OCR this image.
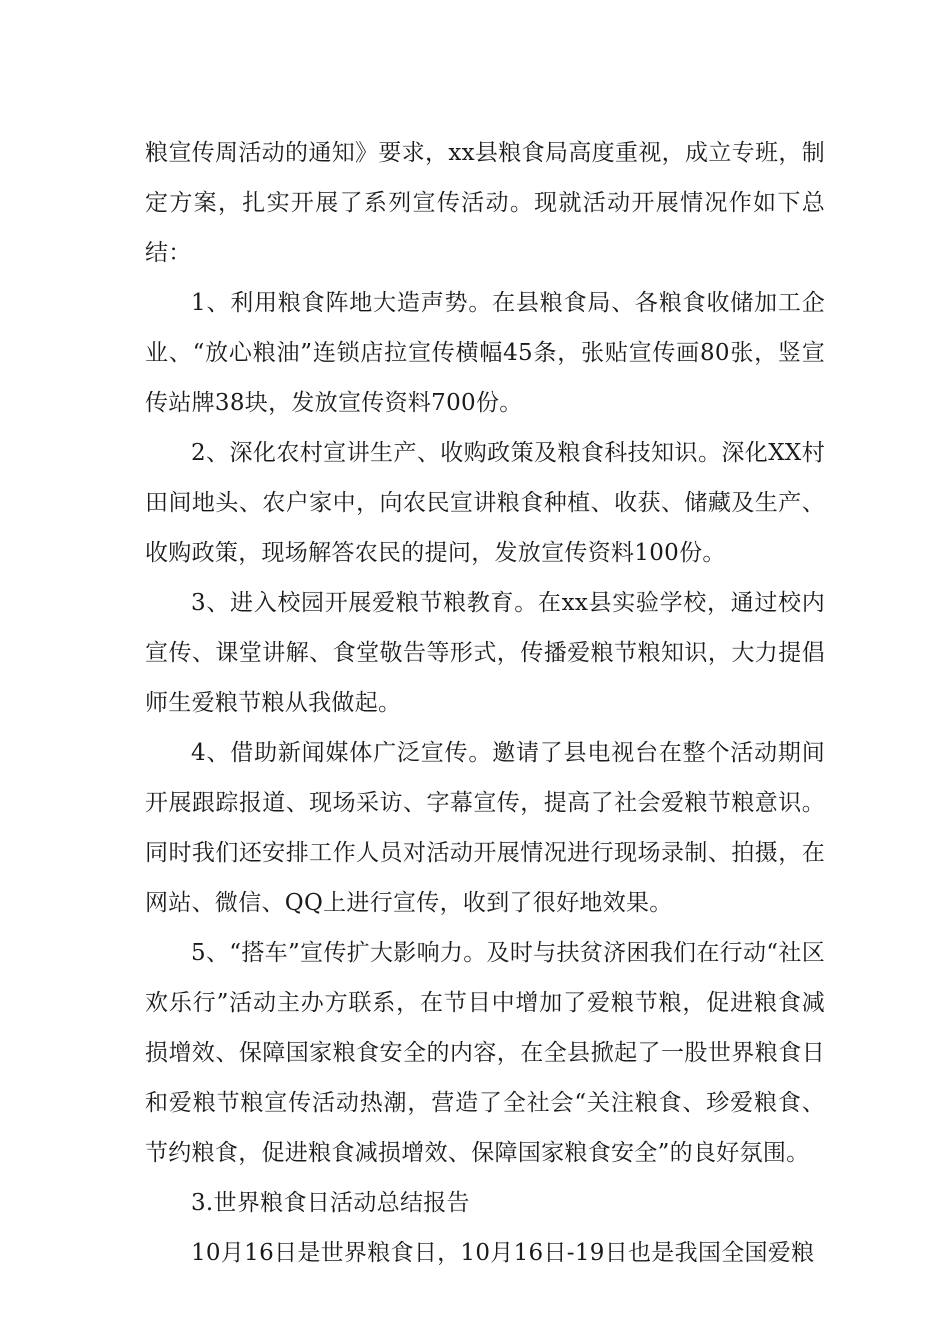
粮宣传周活动的通知》要求，xx县粮食局高度重视，成立专班，制定方案，扎实开展了系列宣传活动。现就活动开展情况作如下总结：

1、利用粮食阵地大造声势。在县粮食局、各粮食收储加工企业、“放心粮油”连锁店拉宣传横幅45条，张贴宣传画80张，竖宣传站牌38块，发放宣传资料700份。

2、深化农村宣讲生产、收购政策及粮食科技知识。深化XX村田间地头、农户家中，向农民宣讲粮食种植、收获、储藏及生产、收购政策，现场解答农民的提问，发放宣传资料100份。

3、进入校园开展爱粮节粮教育。在xx县实验学校，通过校内宣传、课堂讲解、食堂敬告等形式，传播爱粮节粮知识，大力提倡师生爱粮节粮从我做起。

4、借助新闻媒体广泛宣传。邀请了县电视台在整个活动期间开展跟踪报道、现场采访、字幕宣传，提高了社会爱粮节粮意识。同时我们还安排工作人员对活动开展情况进行现场录制、拍摄，在网站、微信、QQ上进行宣传，收到了很好地效果。

5、“搭车”宣传扩大影响力。及时与扶贫济困我们在行动“社区欢乐行”活动主办方联系，在节目中增加了爱粮节粮，促进粮食减损增效、保障国家粮食安全的内容，在全县掀起了一股世界粮食日和爱粮节粮宣传活动热潮，营造了全社会“关注粮食、珍爱粮食、节约粮食，促进粮食减损增效、保障国家粮食安全”的良好氛围。

3.世界粮食日活动总结报告

10月16日是世界粮食日，10月16日-19日也是我国全国爱粮
